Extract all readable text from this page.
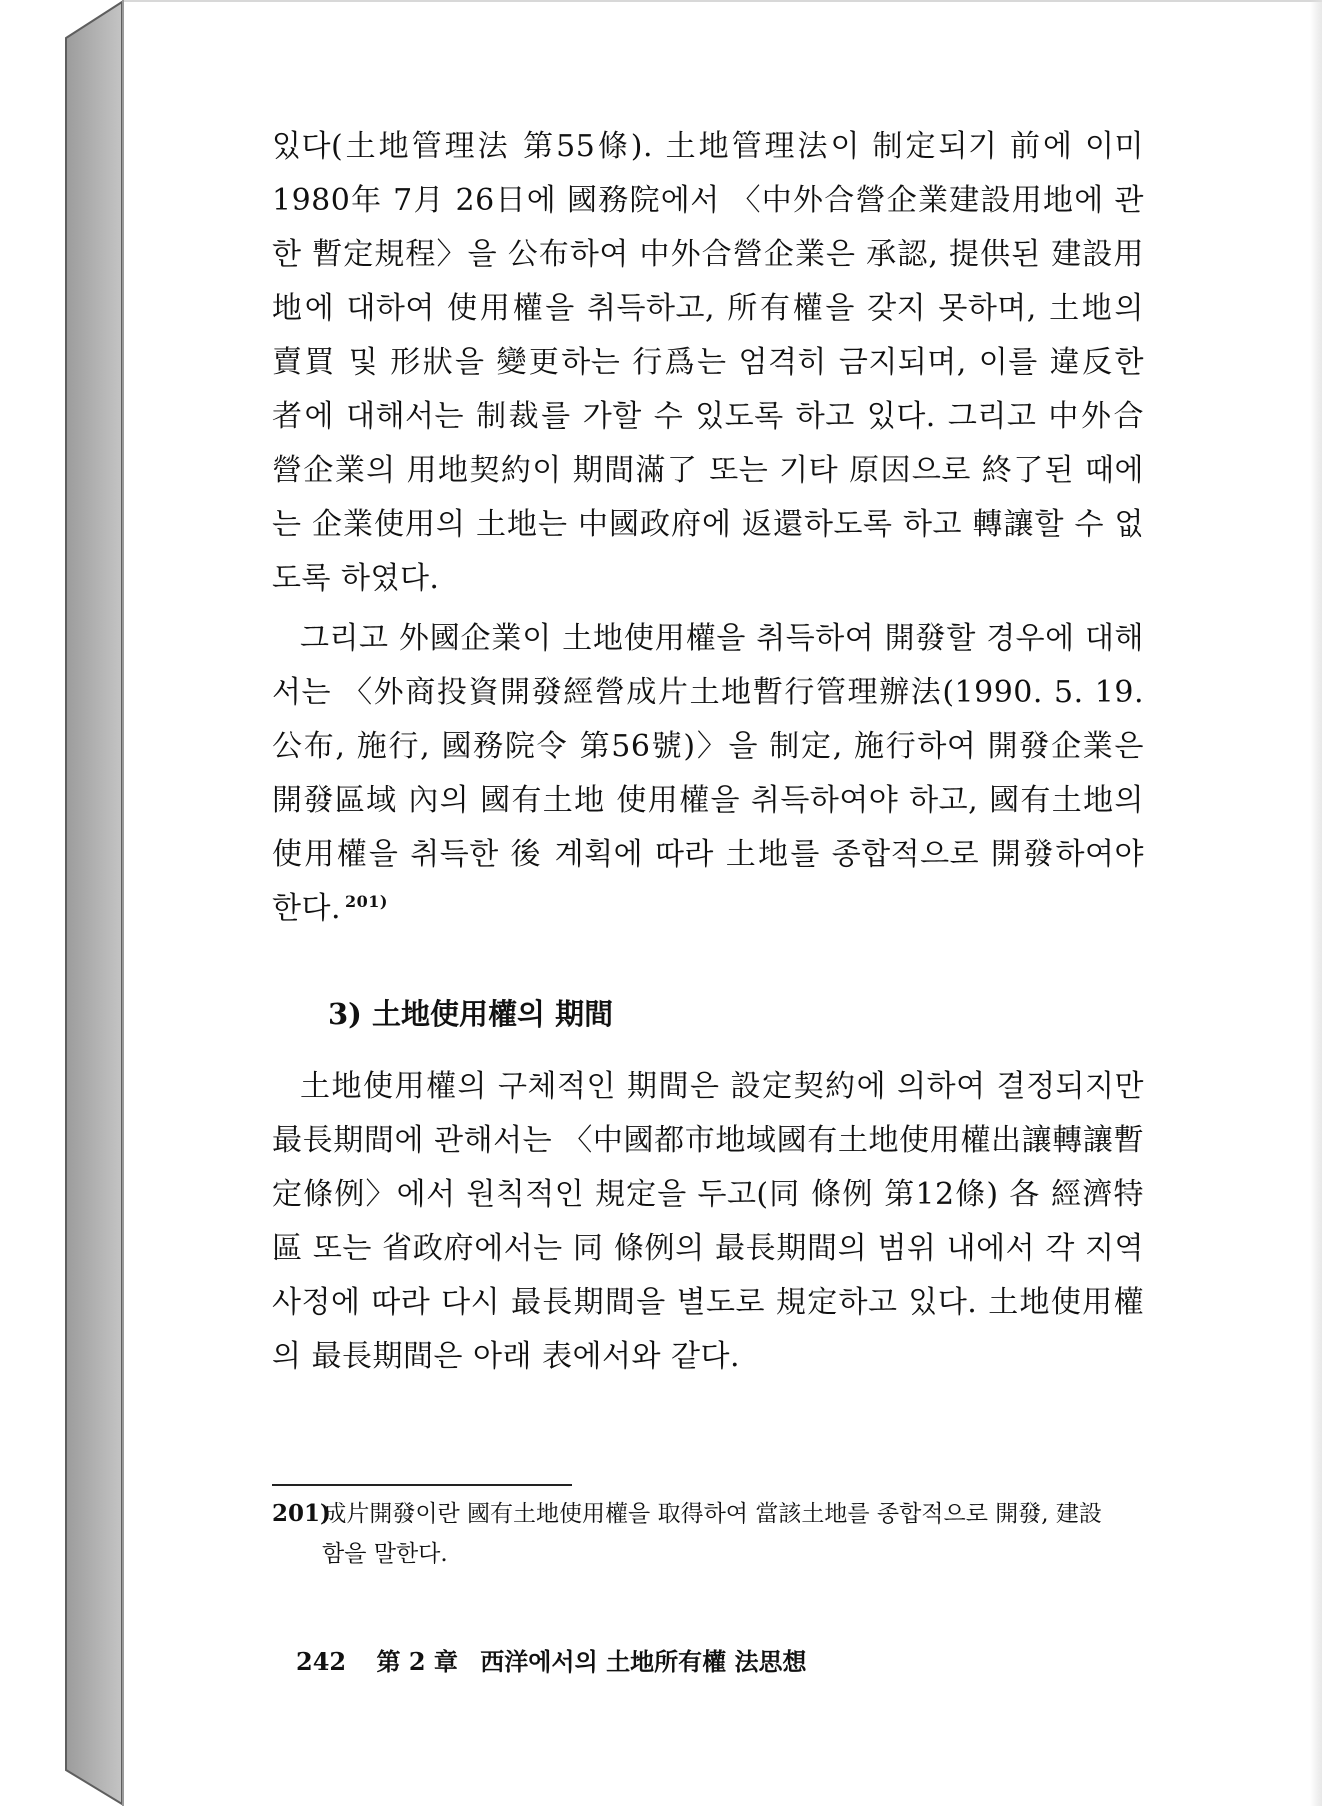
있다(土地管理法 第55條). 土地管理法이 制定되기 前에 이미 1980年 7月 26日에 國務院에서 〈中外合營企業建設用地에 관한 暫定規程〉을 公布하여 中外合營企業은 承認, 提供된 建設用地에 대하여 使用權을 취득하고, 所有權을 갖지 못하며, 土地의 賣買 및 形狀을 變更하는 行爲는 엄격히 금지되며, 이를 違反한 者에 대해서는 制裁를 가할 수 있도록 하고 있다. 그리고 中外合營企業의 用地契約이 期間滿了 또는 기타 原因으로 終了된 때에는 企業使用의 土地는 中國政府에 返還하도록 하고 轉讓할 수 없도록 하였다.

그리고 外國企業이 土地使用權을 취득하여 開發할 경우에 대해서는 〈外商投資開發經營成片土地暫行管理辦法(1990. 5. 19. 公布, 施行, 國務院令 第56號)〉을 制定, 施行하여 開發企業은 開發區域 內의 國有土地 使用權을 취득하여야 하고, 國有土地의 使用權을 취득한 後 계획에 따라 土地를 종합적으로 開發하여야 한다. $^{201)}$

3) 土地使用權의 期間

土地使用權의 구체적인 期間은 設定契約에 의하여 결정되지만 最長期間에 관해서는 〈中國都市地域國有土地使用權出讓轉讓暫定條例〉에서 원칙적인 規定을 두고(同 條例 第12條) 各 經濟特區 또는 省政府에서는 同 條例의 最長期間의 범위 내에서 각 지역 사정에 따라 다시 最長期間을 별도로 規定하고 있다. 土地使用權의 最長期間은 아래 表에서와 같다.

201) 成片開發이란 國有土地使用權을 取得하여 當該土地를 종합적으로 開發, 建設
함을 말한다.
242 第 2 章 西洋에서의 土地所有權 法思想
